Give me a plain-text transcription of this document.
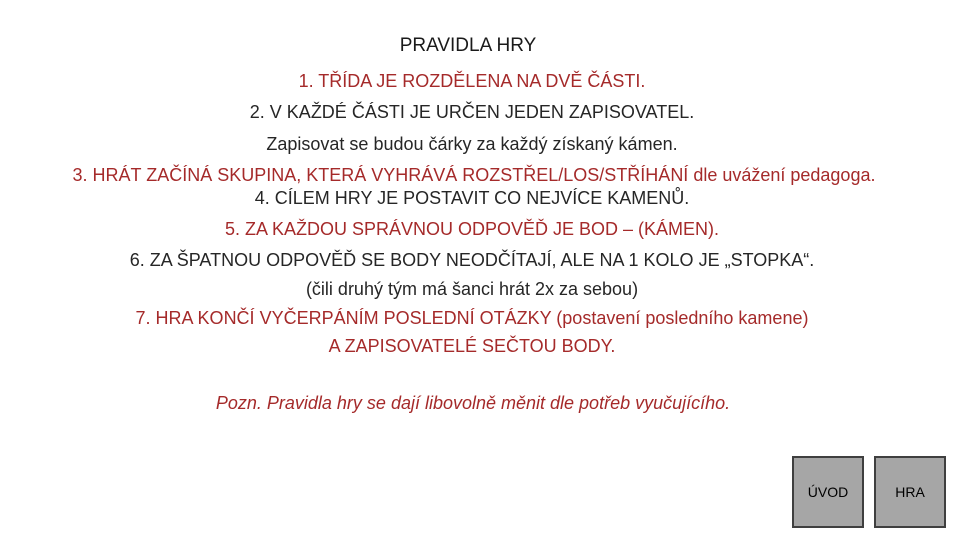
PRAVIDLA HRY
1. TŘÍDA JE ROZDĚLENA NA DVĚ ČÁSTI.
2. V KAŽDÉ ČÁSTI JE URČEN JEDEN ZAPISOVATEL.
Zapisovat se budou čárky za každý získaný kámen.
3. HRÁT ZAČÍNÁ SKUPINA, KTERÁ VYHRÁVÁ ROZSTŘEL/LOS/STŘÍHÁNÍ dle uvážení pedagoga.
4. CÍLEM HRY JE POSTAVIT CO NEJVÍCE KAMENŮ.
5. ZA KAŽDOU SPRÁVNOU ODPOVĚĎ JE BOD – (KÁMEN).
6. ZA ŠPATNOU ODPOVĚĎ SE BODY NEODČÍTAJÍ, ALE NA 1 KOLO JE „STOPKA“.
(čili druhý tým má šanci hrát 2x za sebou)
7. HRA KONČÍ VYČERPÁNÍM POSLEDNÍ OTÁZKY (postavení posledního kamene)
A ZAPISOVATELÉ SEČTOU BODY.
Pozn. Pravidla hry se dají libovolně měnit dle potřeb vyučujícího.
ÚVOD	HRA
